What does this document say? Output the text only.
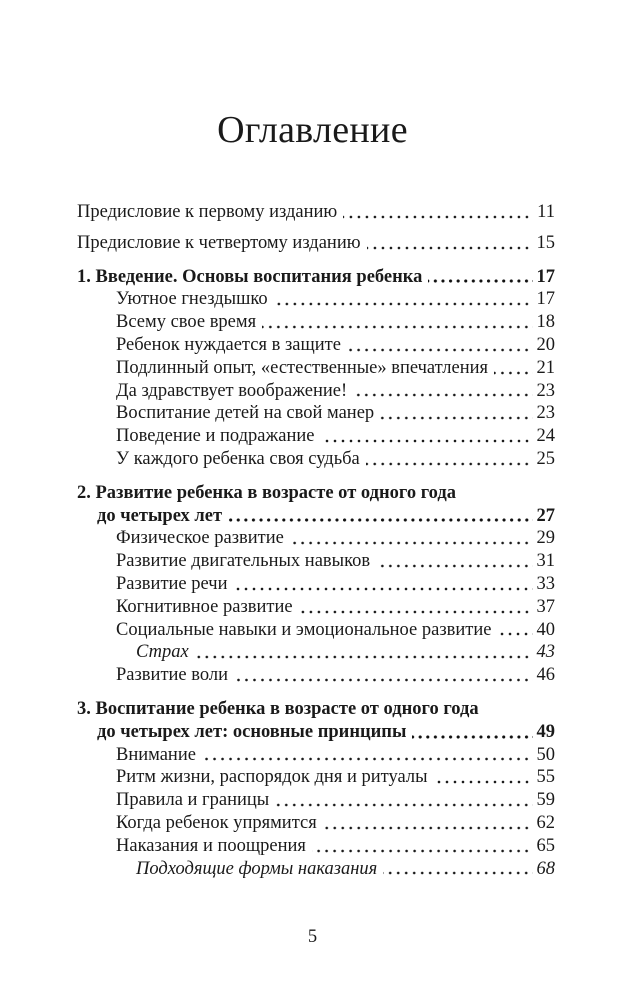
Оглавление
Предисловие к первому изданию	11
Предисловие к четвертому изданию	15
1. Введение. Основы воспитания ребенка	17
Уютное гнездышко	17
Всему свое время	18
Ребенок нуждается в защите	20
Подлинный опыт, «естественные» впечатления	21
Да здравствует воображение!	23
Воспитание детей на свой манер	23
Поведение и подражание	24
У каждого ребенка своя судьба	25
2. Развитие ребенка в возрасте от одного года
до четырех лет	27
Физическое развитие	29
Развитие двигательных навыков	31
Развитие речи	33
Когнитивное развитие	37
Социальные навыки и эмоциональное развитие 40
Страх	43
Развитие воли	46
3. Воспитание ребенка в возрасте от одного года
до четырех лет: основные принципы	49
Внимание	50
Ритм жизни, распорядок дня и ритуалы	55
Правила и границы	59
Когда ребенок упрямится	62
Наказания и поощрения	65
Подходящие формы наказания	68
5
